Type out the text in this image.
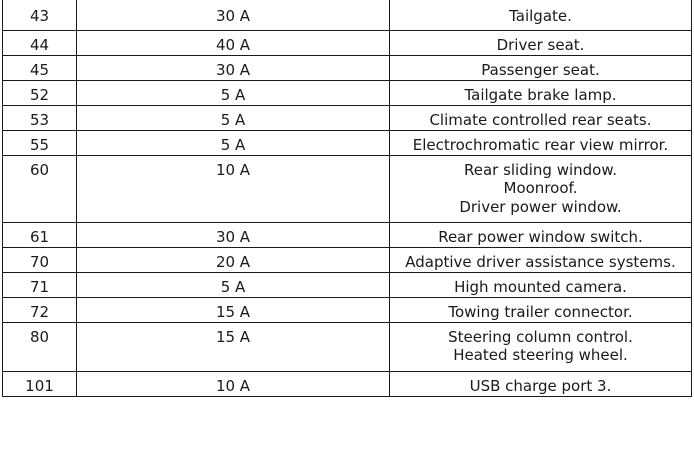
43	30 A	Tailgate.

44	40 A	Driver seat.

45	30 A	Passenger seat.

52	5 A	Tailgate brake lamp.

53	5 A	Climate controlled rear seats.

55	5 A	Electrochromatic rear view mirror.

60	10 A	Rear sliding window.
Moonroof.
Driver power window.

61	30 A	Rear power window switch.

70	20 A	Adaptive driver assistance systems.

71	5 A	High mounted camera.

72	15 A	Towing trailer connector.

80	15 A	Steering column control.
Heated steering wheel.

101	10 A	USB charge port 3.
